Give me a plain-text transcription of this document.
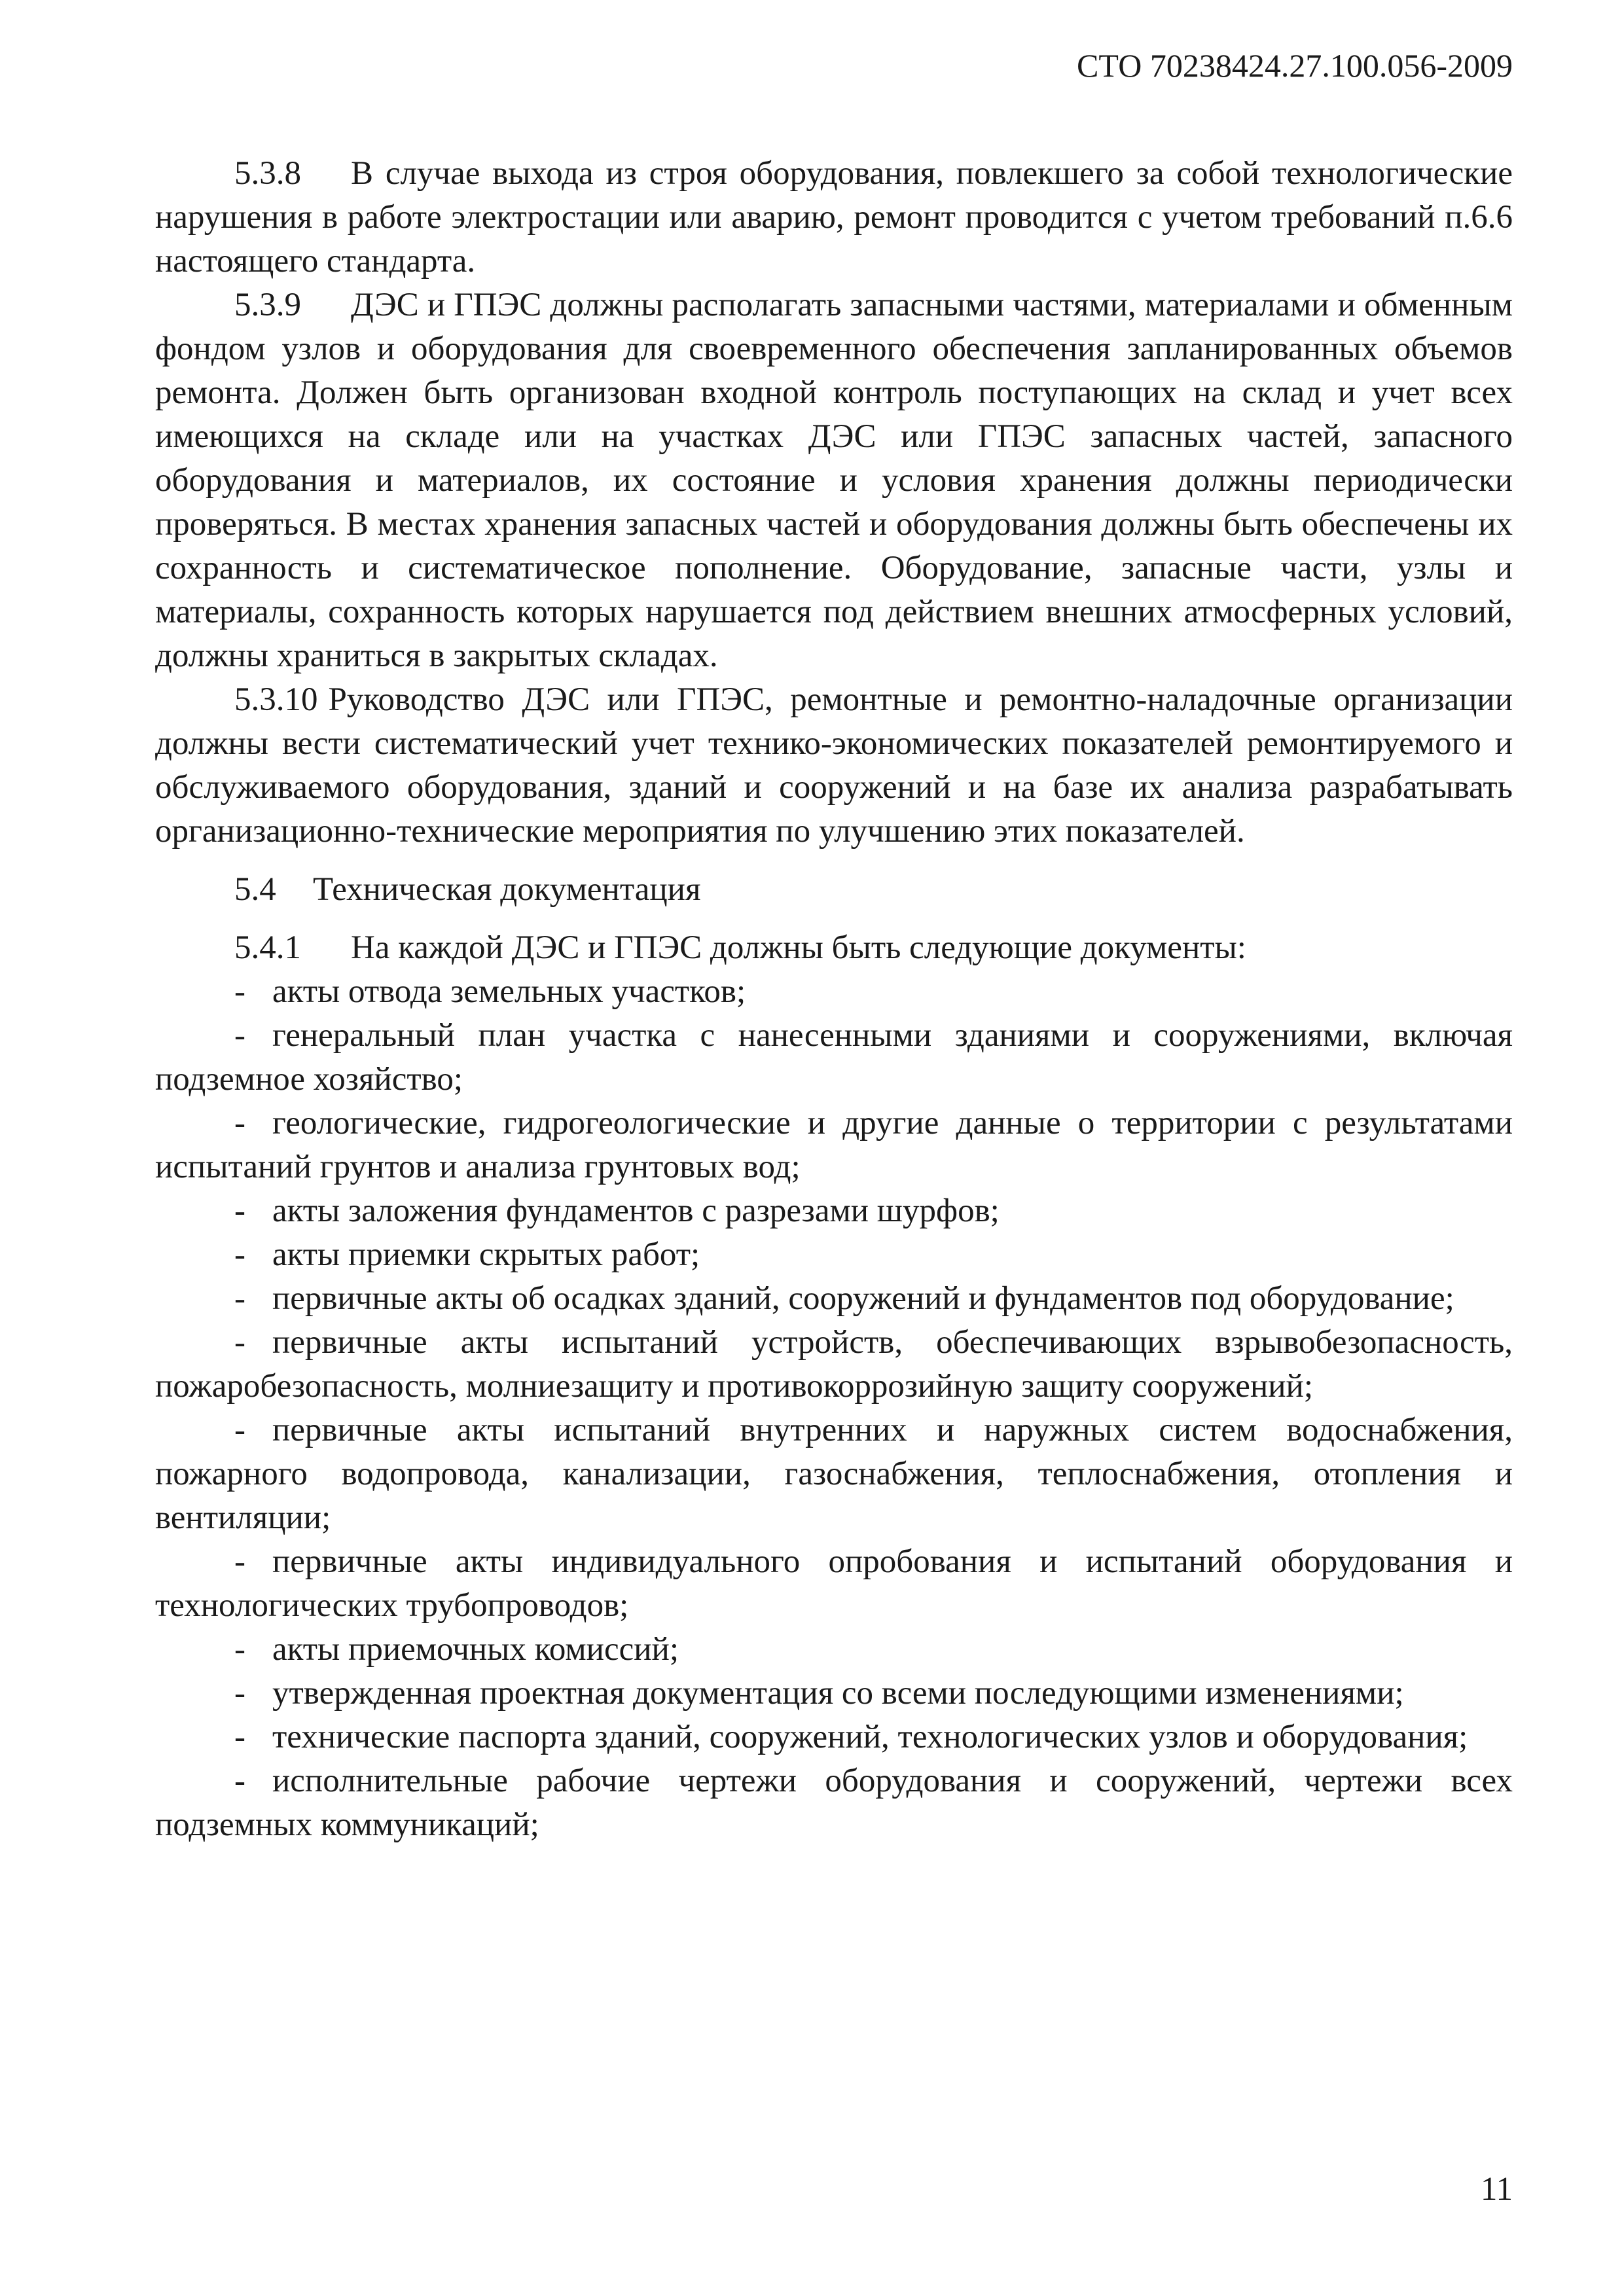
СТО 70238424.27.100.056-2009

5.3.8 В случае выхода из строя оборудования, повлекшего за собой технологические нарушения в работе электростации или аварию, ремонт проводится с учетом требований п.6.6 настоящего стандарта.

5.3.9 ДЭС и ГПЭС должны располагать запасными частями, материалами и обменным фондом узлов и оборудования для своевременного обеспечения запланированных объемов ремонта. Должен быть организован входной контроль поступающих на склад и учет всех имеющихся на складе или на участках ДЭС или ГПЭС запасных частей, запасного оборудования и материалов, их состояние и условия хранения должны периодически проверяться. В местах хранения запасных частей и оборудования должны быть обеспечены их сохранность и систематическое пополнение. Оборудование, запасные части, узлы и материалы, сохранность которых нарушается под действием внешних атмосферных условий, должны храниться в закрытых складах.

5.3.10 Руководство ДЭС или ГПЭС, ремонтные и ремонтно-наладочные организации должны вести систематический учет технико-экономических показателей ремонтируемого и обслуживаемого оборудования, зданий и сооружений и на базе их анализа разрабатывать организационно-технические мероприятия по улучшению этих показателей.

5.4 Техническая документация

5.4.1 На каждой ДЭС и ГПЭС должны быть следующие документы:

- акты отвода земельных участков;

- генеральный план участка с нанесенными зданиями и сооружениями, включая подземное хозяйство;

- геологические, гидрогеологические и другие данные о территории с результатами испытаний грунтов и анализа грунтовых вод;

- акты заложения фундаментов с разрезами шурфов;

- акты приемки скрытых работ;

- первичные акты об осадках зданий, сооружений и фундаментов под оборудование;

- первичные акты испытаний устройств, обеспечивающих взрывобезопасность, пожаробезопасность, молниезащиту и противокоррозийную защиту сооружений;

- первичные акты испытаний внутренних и наружных систем водоснабжения, пожарного водопровода, канализации, газоснабжения, теплоснабжения, отопления и вентиляции;

- первичные акты индивидуального опробования и испытаний оборудования и технологических трубопроводов;

- акты приемочных комиссий;

- утвержденная проектная документация со всеми последующими изменениями;

- технические паспорта зданий, сооружений, технологических узлов и оборудования;

- исполнительные рабочие чертежи оборудования и сооружений, чертежи всех подземных коммуникаций;

11
